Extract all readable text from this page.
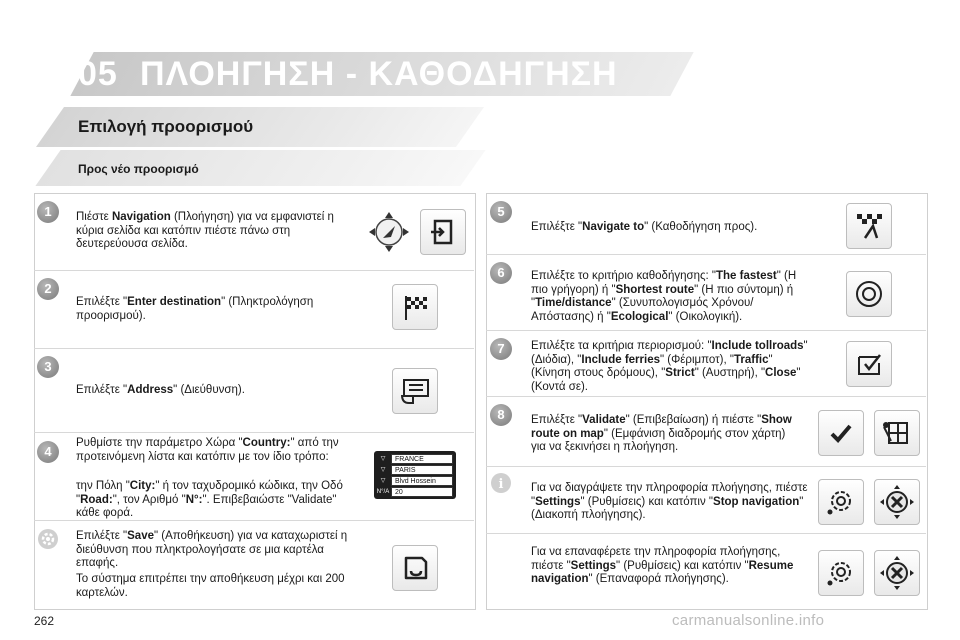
05 ΠΛΟΗΓΗΣΗ - ΚΑΘΟΔΗΓΗΣΗ
Επιλογή προορισμού
Προς νέο προορισμό
1	Πιέστε Navigation (Πλοήγηση) για να εμφανιστεί η κύρια σελίδα και κατόπιν πιέστε πάνω στη δευτερεύουσα σελίδα.
2
Επιλέξτε "Enter destination" (Πληκτρολόγηση προορισμού).
3
Επιλέξτε "Address" (Διεύθυνση).
4
Ρυθμίστε την παράμετρο Χώρα "Country:" από την προτεινόμενη λίστα και κατόπιν με τον ίδιο τρόπο:
την Πόλη "City:" ή τον ταχυδρομικό κώδικα, την Οδό "Road:", τον Αριθμό "N°:". Επιβεβαιώστε "Validate" κάθε φορά.
▽	FRANCE
▽	PARIS
▽	Blvd Hossein
N°/A 20
Επιλέξτε "Save" (Αποθήκευση) για να καταχωριστεί η διεύθυνση που πληκτρολογήσατε σε μια καρτέλα επαφής.
Το σύστημα επιτρέπει την αποθήκευση μέχρι και 200 καρτελών.
5
Επιλέξτε "Navigate to" (Καθοδήγηση προς).
6	Επιλέξτε το κριτήριο καθοδήγησης: "The fastest" (Η πιο γρήγορη) ή "Shortest route" (Η πιο σύντομη) ή "Time/distance" (Συνυπολογισμός Χρόνου/Απόστασης) ή "Ecological" (Οικολογική).
7	Επιλέξτε τα κριτήρια περιορισμού: "Include tollroads" (Διόδια), "Include ferries" (Φέριμποτ), "Traffic" (Κίνηση στους δρόμους), "Strict" (Αυστηρή), "Close" (Κοντά σε).
8	Επιλέξτε "Validate" (Επιβεβαίωση) ή πιέστε "Show route on map" (Εμφάνιση διαδρομής στον χάρτη) για να ξεκινήσει η πλοήγηση.
i Για να διαγράψετε την πληροφορία πλοήγησης, πιέστε "Settings" (Ρυθμίσεις) και κατόπιν "Stop navigation" (Διακοπή πλοήγησης).
Για να επαναφέρετε την πληροφορία πλοήγησης, πιέστε "Settings" (Ρυθμίσεις) και κατόπιν "Resume navigation" (Επαναφορά πλοήγησης).
262	carmanualsonline.info
